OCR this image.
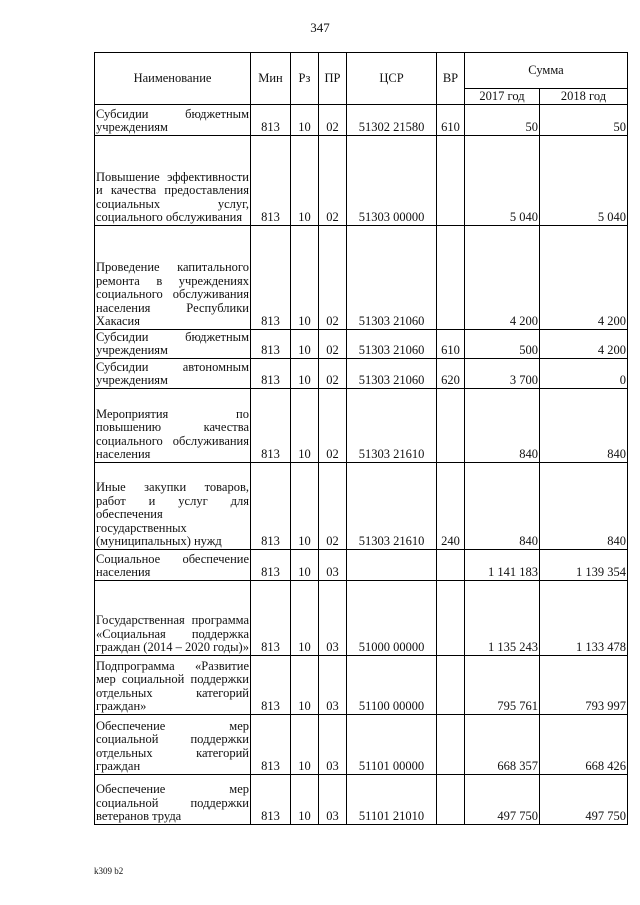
347
Наименование	Мин	Рз	ПР	ЦСР	ВР	Сумма	
						2017 год	2018 год
Субсидии бюджетным учреждениям	813	10	02	51302 21580	610	50	50
Повышение эффективности и качества предоставления социальных услуг, социального обслуживания	813	10	02	51303 00000		5 040	5 040
Проведение капитального ремонта в учреждениях социального обслуживания населения Республики Хакасия	813	10	02	51303 21060		4 200	4 200
Субсидии бюджетным учреждениям	813	10	02	51303 21060	610	500	4 200
Субсидии автономным учреждениям	813	10	02	51303 21060	620	3 700	0
Мероприятия по повышению качества социального обслуживания населения	813	10	02	51303 21610		840	840
Иные закупки товаров, работ и услуг для обеспечения государственных (муниципальных) нужд	813	10	02	51303 21610	240	840	840
Социальное обеспечение населения	813	10	03			1 141 183	1 139 354
Государственная программа «Социальная поддержка граждан (2014 – 2020 годы)»	813	10	03	51000 00000		1 135 243	1 133 478
Подпрограмма «Развитие мер социальной поддержки отдельных категорий граждан»	813	10	03	51100 00000		795 761	793 997
Обеспечение мер социальной поддержки отдельных категорий граждан	813	10	03	51101 00000		668 357	668 426
Обеспечение мер социальной поддержки ветеранов труда	813	10	03	51101 21010		497 750	497 750
k309 b2
